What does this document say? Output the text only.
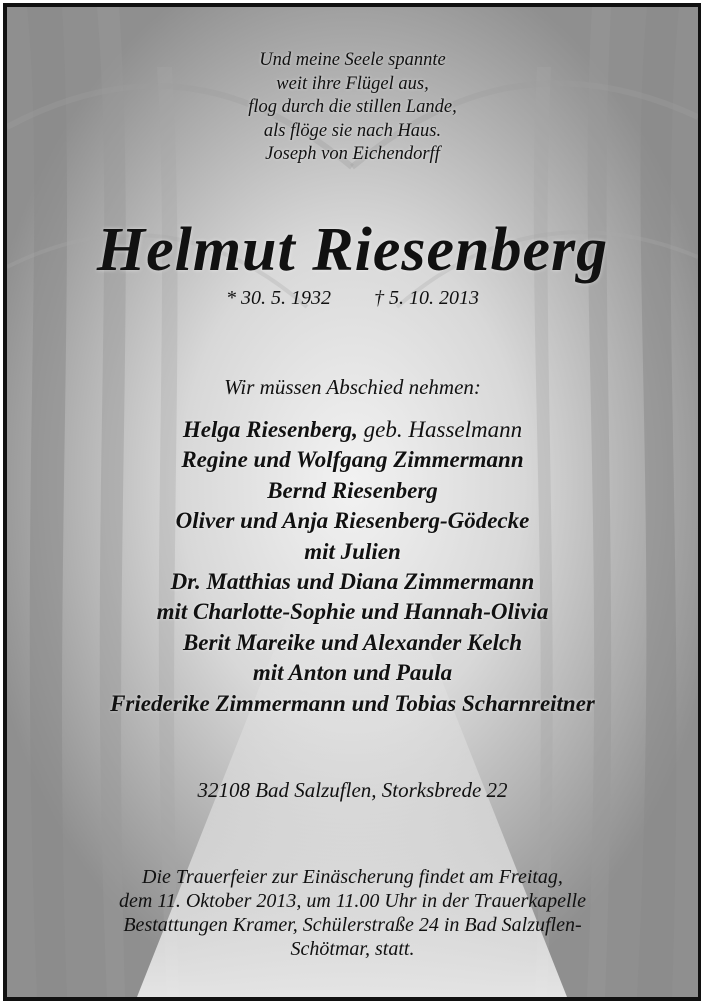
Und meine Seele spannte
weit ihre Flügel aus,
flog durch die stillen Lande,
als flöge sie nach Haus.
Joseph von Eichendorff
Helmut Riesenberg
* 30. 5. 1932 † 5. 10. 2013
Wir müssen Abschied nehmen:
Helga Riesenberg, geb. Hasselmann
Regine und Wolfgang Zimmermann
Bernd Riesenberg
Oliver und Anja Riesenberg-Gödecke
mit Julien
Dr. Matthias und Diana Zimmermann
mit Charlotte-Sophie und Hannah-Olivia
Berit Mareike und Alexander Kelch
mit Anton und Paula
Friederike Zimmermann und Tobias Scharnreitner
32108 Bad Salzuflen, Storksbrede 22
Die Trauerfeier zur Einäscherung findet am Freitag,
dem 11. Oktober 2013, um 11.00 Uhr in der Trauerkapelle
Bestattungen Kramer, Schülerstraße 24 in Bad Salzuflen-
Schötmar, statt.
